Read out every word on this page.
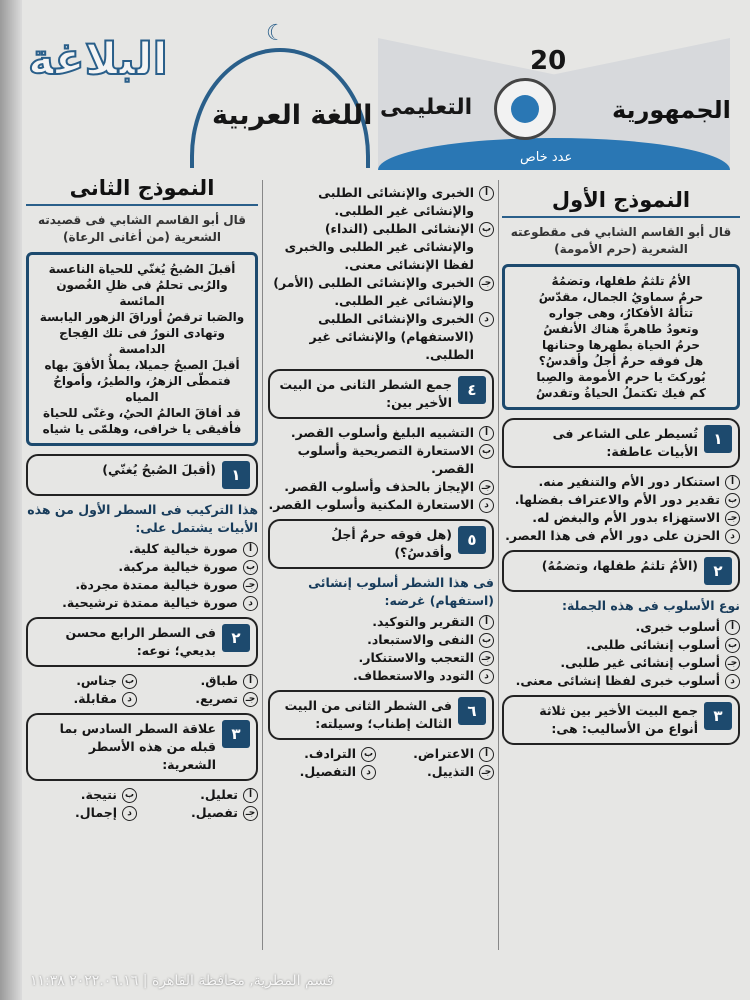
20
الجمهورية
التعليمى
عدد خاص
☾
اللغة العربية
البلاغة
النموذج الأول
قال أبو القاسم الشابي فى مقطوعته الشعرية (حرم الأمومة)
الأمُ تلثمُ طفلها، وتضمُهُ
حرمٌ سماويُ الجمال، مقدّسُ
تتألهُ الأفكارُ، وهى جواره
وتعودُ طاهرةً هناك الأنفسُ
حرمُ الحياة بطهرها وحنانها
هل فوقه حرمٌ أجلُ وأقدسُ؟
بُوركتَ يا حرم الأمومة والصِبا
كم فيك تكتملُ الحياةُ وتقدسُ
١
تُسيطر على الشاعر فى الأبيات عاطفة:
أ
استنكار دور الأم والتنفير منه.
ب
تقدير دور الأم والاعتراف بفضلها.
جـ
الاستهزاء بدور الأم والبغض له.
د
الحزن على دور الأم فى هذا العصر.
٢
(الأمُ تلثمُ طفلها، وتضمُهُ)
نوع الأسلوب فى هذه الجملة:
أ
أسلوب خبرى.
ب
أسلوب إنشائى طلبى.
جـ
أسلوب إنشائى غير طلبى.
د
أسلوب خبرى لفظا إنشائى معنى.
٣
جمع البيت الأخير بين ثلاثة أنواع من الأساليب: هى:
أ
الخبرى والإنشائى الطلبى والإنشائى غير الطلبى.
ب
الإنشائى الطلبى (النداء) والإنشائى غير الطلبى والخبرى لفظا الإنشائى معنى.
جـ
الخبرى والإنشائى الطلبى (الأمر) والإنشائى غير الطلبى.
د
الخبرى والإنشائى الطلبى (الاستفهام) والإنشائى غير الطلبى.
٤
جمع الشطر الثانى من البيت الأخير بين:
أ
التشبيه البليغ وأسلوب القصر.
ب
الاستعارة التصريحية وأسلوب القصر.
جـ
الإيجاز بالحذف وأسلوب القصر.
د
الاستعارة المكنية وأسلوب القصر.
٥
(هل فوقه حرمٌ أجلُ وأقدسُ؟)
فى هذا الشطر أسلوب إنشائى (استفهام) غرضه:
أ
التقرير والتوكيد.
ب
النفى والاستبعاد.
جـ
التعجب والاستنكار.
د
التودد والاستعطاف.
٦
فى الشطر الثانى من البيت الثالث إطناب؛ وسيلته:
أ
الاعتراض.
ب
الترادف.
جـ
التذييل.
د
التفصيل.
النموذج الثانى
قال أبو القاسم الشابي فى قصيدته الشعرية (من أغانى الرعاة)
أقبلَ الصُبحُ يُغنّي للحياة الناعسة
والرُبى تحلمُ فى ظلِ الغُصون المائسة
والصَبا ترقصُ أوراقَ الزهور اليابسة
وتهادى النورُ فى تلك الفِجاج الدامسة
أقبلَ الصبحُ جميلا، يملأُ الأفقَ بهاه
فتمطّى الزهرُ، والطيرُ، وأمواجُ المياه
قد أفاقَ العالمُ الحيُ، وغنّى للحياة
فأفيقى يا خرافى، وهلمّى يا شياه
١
(أقبلَ الصُبحُ يُغنّي)
هذا التركيب فى السطر الأول من هذه الأبيات يشتمل على:
أ
صورة خيالية كلية.
ب
صورة خيالية مركبة.
جـ
صورة خيالية ممتدة مجردة.
د
صورة خيالية ممتدة ترشيحية.
٢
فى السطر الرابع محسن بديعي؛ نوعه:
أ
طباق.
ب
جناس.
جـ
تصريع.
د
مقابلة.
٣
علاقة السطر السادس بما قبله من هذه الأسطر الشعرية:
أ
تعليل.
ب
نتيجة.
جـ
تفصيل.
د
إجمال.
قسم المطرية, محافظة القاهرة | ٢٠٢٢.٠٦.١٦ ١١:٣٨
